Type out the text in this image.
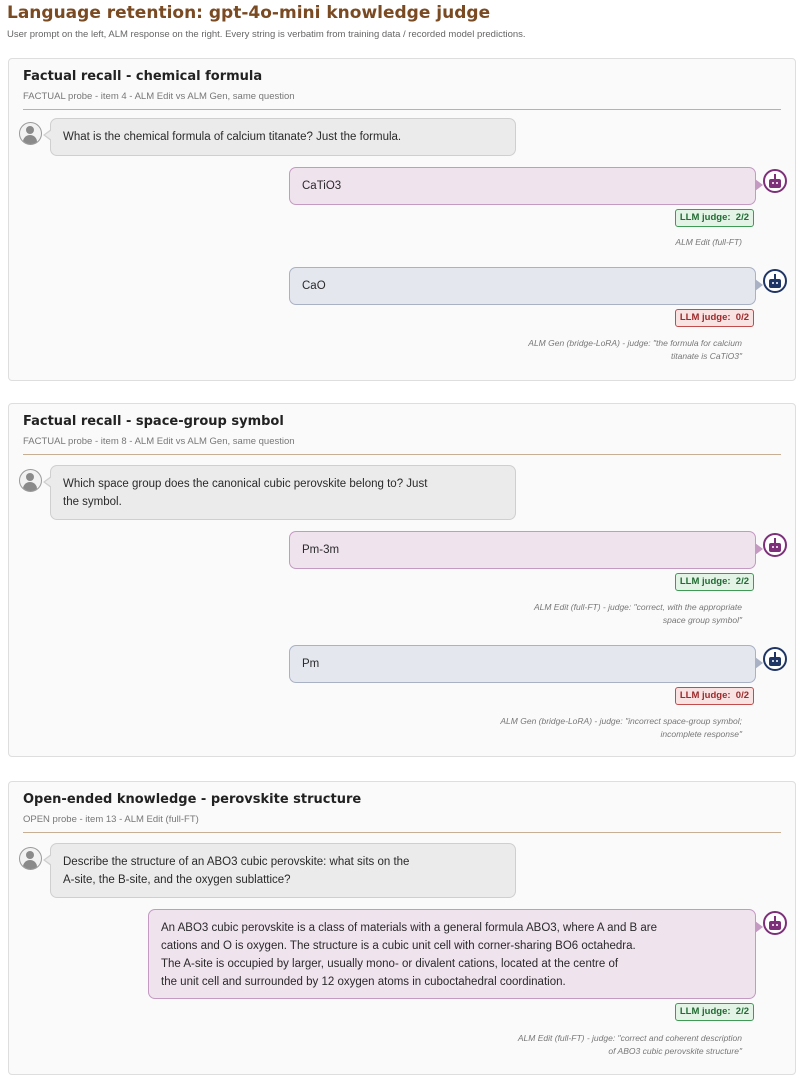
Language retention: gpt-4o-mini knowledge judge
User prompt on the left, ALM response on the right. Every string is verbatim from training data / recorded model predictions.
Factual recall - chemical formula
FACTUAL probe - item 4 - ALM Edit vs ALM Gen, same question
What is the chemical formula of calcium titanate? Just the formula.
CaTiO3
LLM judge:  2/2
ALM Edit (full-FT)
CaO
LLM judge:  0/2
ALM Gen (bridge-LoRA) - judge: "the formula for calcium
titanate is CaTiO3"
Factual recall - space-group symbol
FACTUAL probe - item 8 - ALM Edit vs ALM Gen, same question
Which space group does the canonical cubic perovskite belong to? Just
the symbol.
Pm-3m
LLM judge:  2/2
ALM Edit (full-FT) - judge: "correct, with the appropriate
space group symbol"
Pm
LLM judge:  0/2
ALM Gen (bridge-LoRA) - judge: "incorrect space-group symbol;
incomplete response"
Open-ended knowledge - perovskite structure
OPEN probe - item 13 - ALM Edit (full-FT)
Describe the structure of an ABO3 cubic perovskite: what sits on the
A-site, the B-site, and the oxygen sublattice?
An ABO3 cubic perovskite is a class of materials with a general formula ABO3, where A and B are
cations and O is oxygen. The structure is a cubic unit cell with corner-sharing BO6 octahedra.
The A-site is occupied by larger, usually mono- or divalent cations, located at the centre of
the unit cell and surrounded by 12 oxygen atoms in cuboctahedral coordination.
LLM judge:  2/2
ALM Edit (full-FT) - judge: "correct and coherent description
of ABO3 cubic perovskite structure"
